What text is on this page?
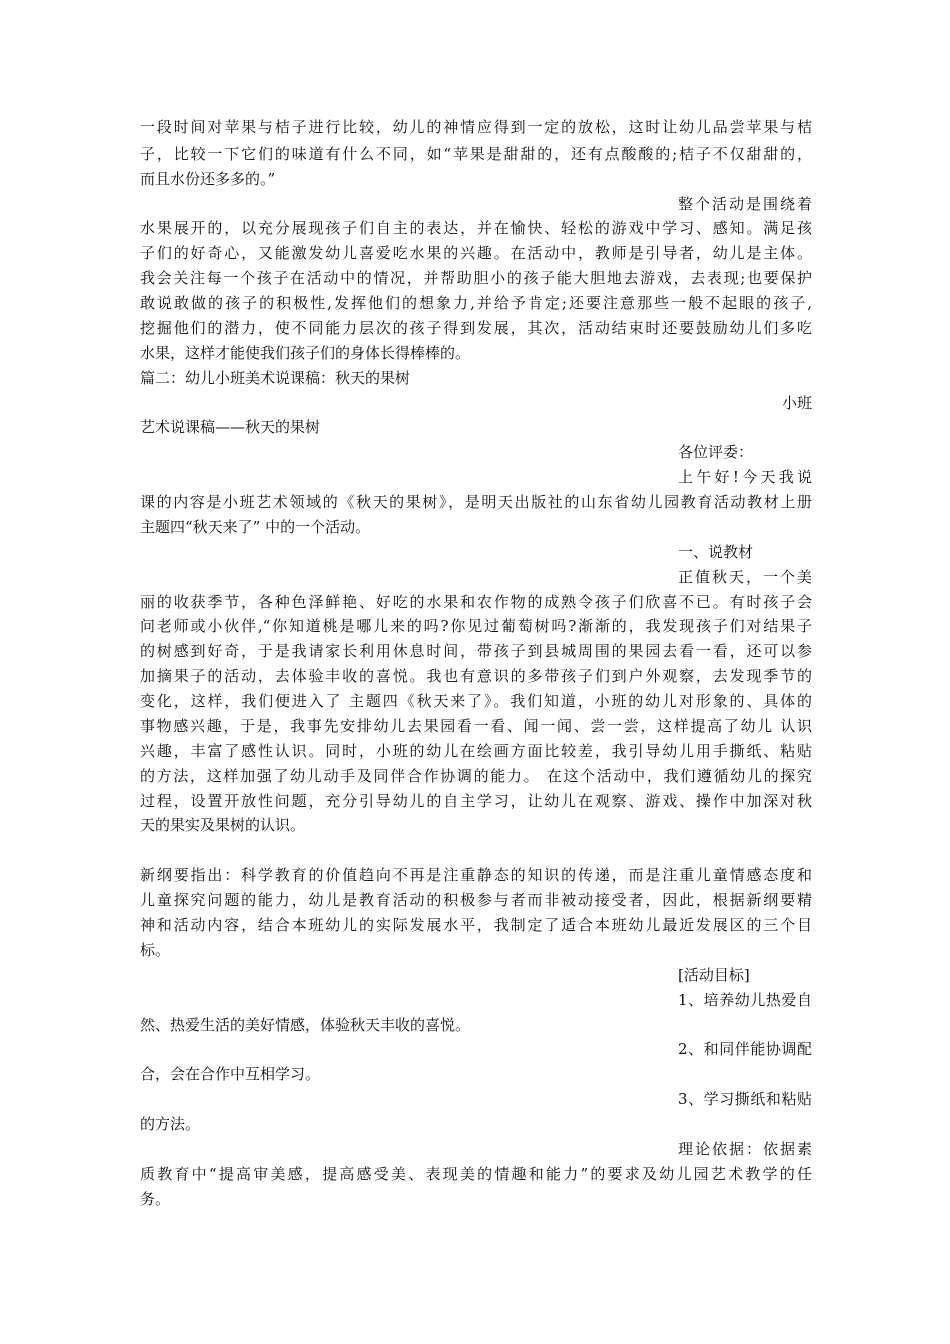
一段时间对苹果与桔子进行比较，幼儿的神情应得到一定的放松，这时让幼儿品尝苹果与桔
子，比较一下它们的味道有什么不同，如“苹果是甜甜的，还有点酸酸的;桔子不仅甜甜的，
而且水份还多多的。”
整个活动是围绕着
水果展开的，以充分展现孩子们自主的表达，并在愉快、轻松的游戏中学习、感知。满足孩
子们的好奇心，又能激发幼儿喜爱吃水果的兴趣。在活动中，教师是引导者，幼儿是主体。
我会关注每一个孩子在活动中的情况，并帮助胆小的孩子能大胆地去游戏，去表现;也要保护
敢说敢做的孩子的积极性,发挥他们的想象力,并给予肯定;还要注意那些一般不起眼的孩子,
挖掘他们的潜力，使不同能力层次的孩子得到发展，其次，活动结束时还要鼓励幼儿们多吃
水果，这样才能使我们孩子们的身体长得棒棒的。
篇二：幼儿小班美术说课稿：秋天的果树
小班
艺术说课稿——秋天的果树
各位评委：
上午好!今天我说
课的内容是小班艺术领域的《秋天的果树》，是明天出版社的山东省幼儿园教育活动教材上册
主题四“秋天来了” 中的一个活动。
一、说教材
正值秋天，一个美
丽的收获季节，各种色泽鲜艳、好吃的水果和农作物的成熟令孩子们欣喜不已。有时孩子会
问老师或小伙伴,“你知道桃是哪儿来的吗?你见过葡萄树吗?渐渐的，我发现孩子们对结果子
的树感到好奇，于是我请家长利用休息时间，带孩子到县城周围的果园去看一看，还可以参
加摘果子的活动，去体验丰收的喜悦。我也有意识的多带孩子们到户外观察，去发现季节的
变化，这样，我们便进入了 主题四《秋天来了》。我们知道，小班的幼儿对形象的、具体的
事物感兴趣，于是，我事先安排幼儿去果园看一看、闻一闻、尝一尝，这样提高了幼儿 认识
兴趣，丰富了感性认识。同时，小班的幼儿在绘画方面比较差，我引导幼儿用手撕纸、粘贴
的方法，这样加强了幼儿动手及同伴合作协调的能力。 在这个活动中，我们遵循幼儿的探究
过程，设置开放性问题，充分引导幼儿的自主学习，让幼儿在观察、游戏、操作中加深对秋
天的果实及果树的认识。
新纲要指出：科学教育的价值趋向不再是注重静态的知识的传递，而是注重儿童情感态度和
儿童探究问题的能力，幼儿是教育活动的积极参与者而非被动接受者，因此，根据新纲要精
神和活动内容，结合本班幼儿的实际发展水平，我制定了适合本班幼儿最近发展区的三个目
标。
[活动目标]
1、培养幼儿热爱自
然、热爱生活的美好情感，体验秋天丰收的喜悦。
2、和同伴能协调配
合，会在合作中互相学习。
3、学习撕纸和粘贴
的方法。
理论依据：依据素
质教育中“提高审美感，提高感受美、表现美的情趣和能力”的要求及幼儿园艺术教学的任
务。
